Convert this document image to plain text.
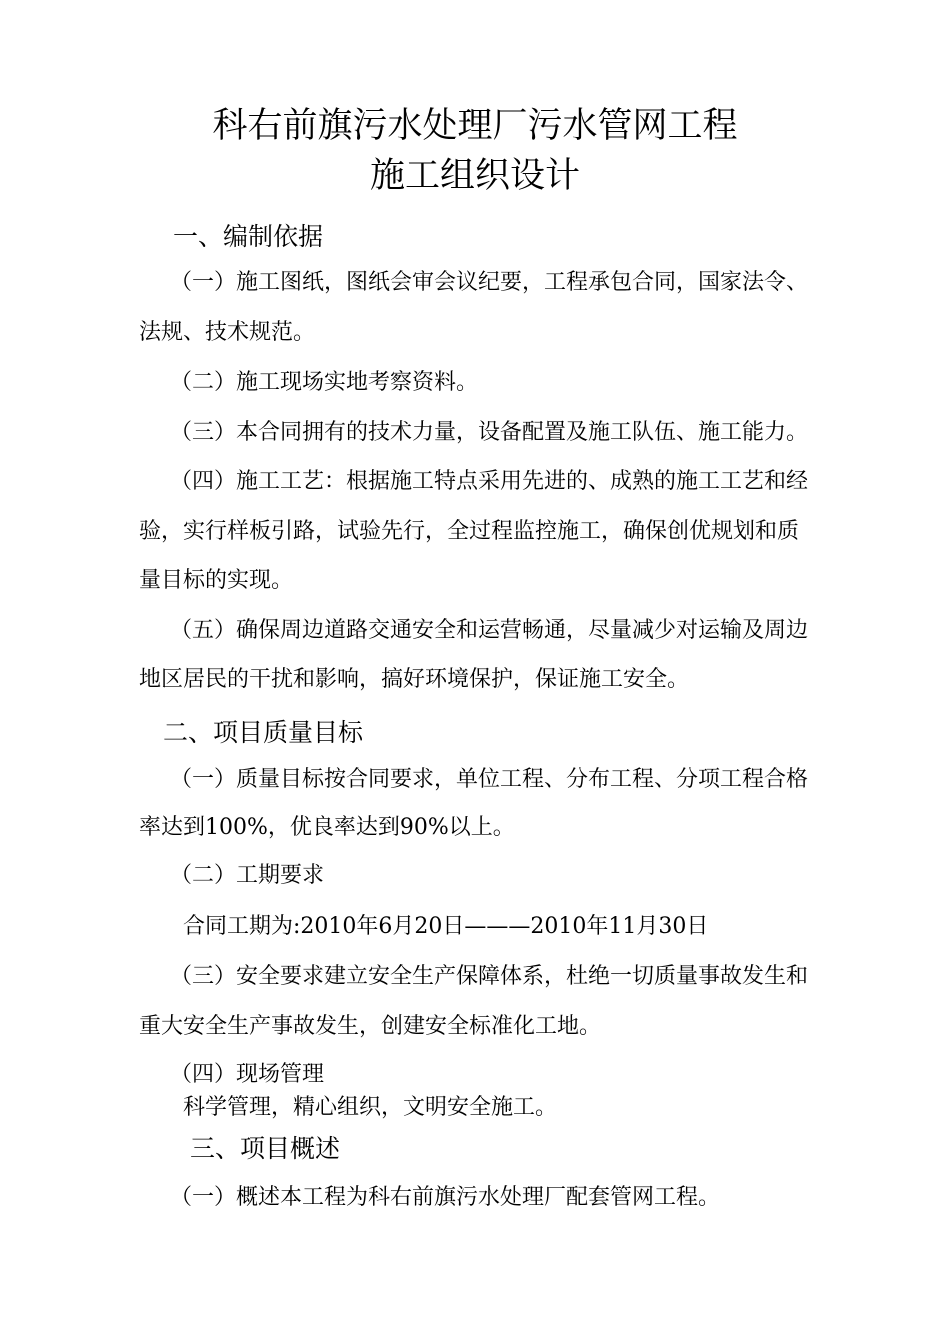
科右前旗污水处理厂污水管网工程
施工组织设计
一、编制依据
（一）施工图纸，图纸会审会议纪要，工程承包合同，国家法令、
法规、技术规范。
（二）施工现场实地考察资料。
（三）本合同拥有的技术力量，设备配置及施工队伍、施工能力。
（四）施工工艺：根据施工特点采用先进的、成熟的施工工艺和经
验，实行样板引路，试验先行，全过程监控施工，确保创优规划和质
量目标的实现。
（五）确保周边道路交通安全和运营畅通，尽量减少对运输及周边
地区居民的干扰和影响，搞好环境保护，保证施工安全。
二、项目质量目标
（一）质量目标按合同要求，单位工程、分布工程、分项工程合格
率达到100%，优良率达到90%以上。
（二）工期要求
合同工期为:2010年6月20日———2010年11月30日
（三）安全要求建立安全生产保障体系，杜绝一切质量事故发生和
重大安全生产事故发生，创建安全标准化工地。
（四）现场管理
科学管理，精心组织，文明安全施工。
三、项目概述
（一）概述本工程为科右前旗污水处理厂配套管网工程。
